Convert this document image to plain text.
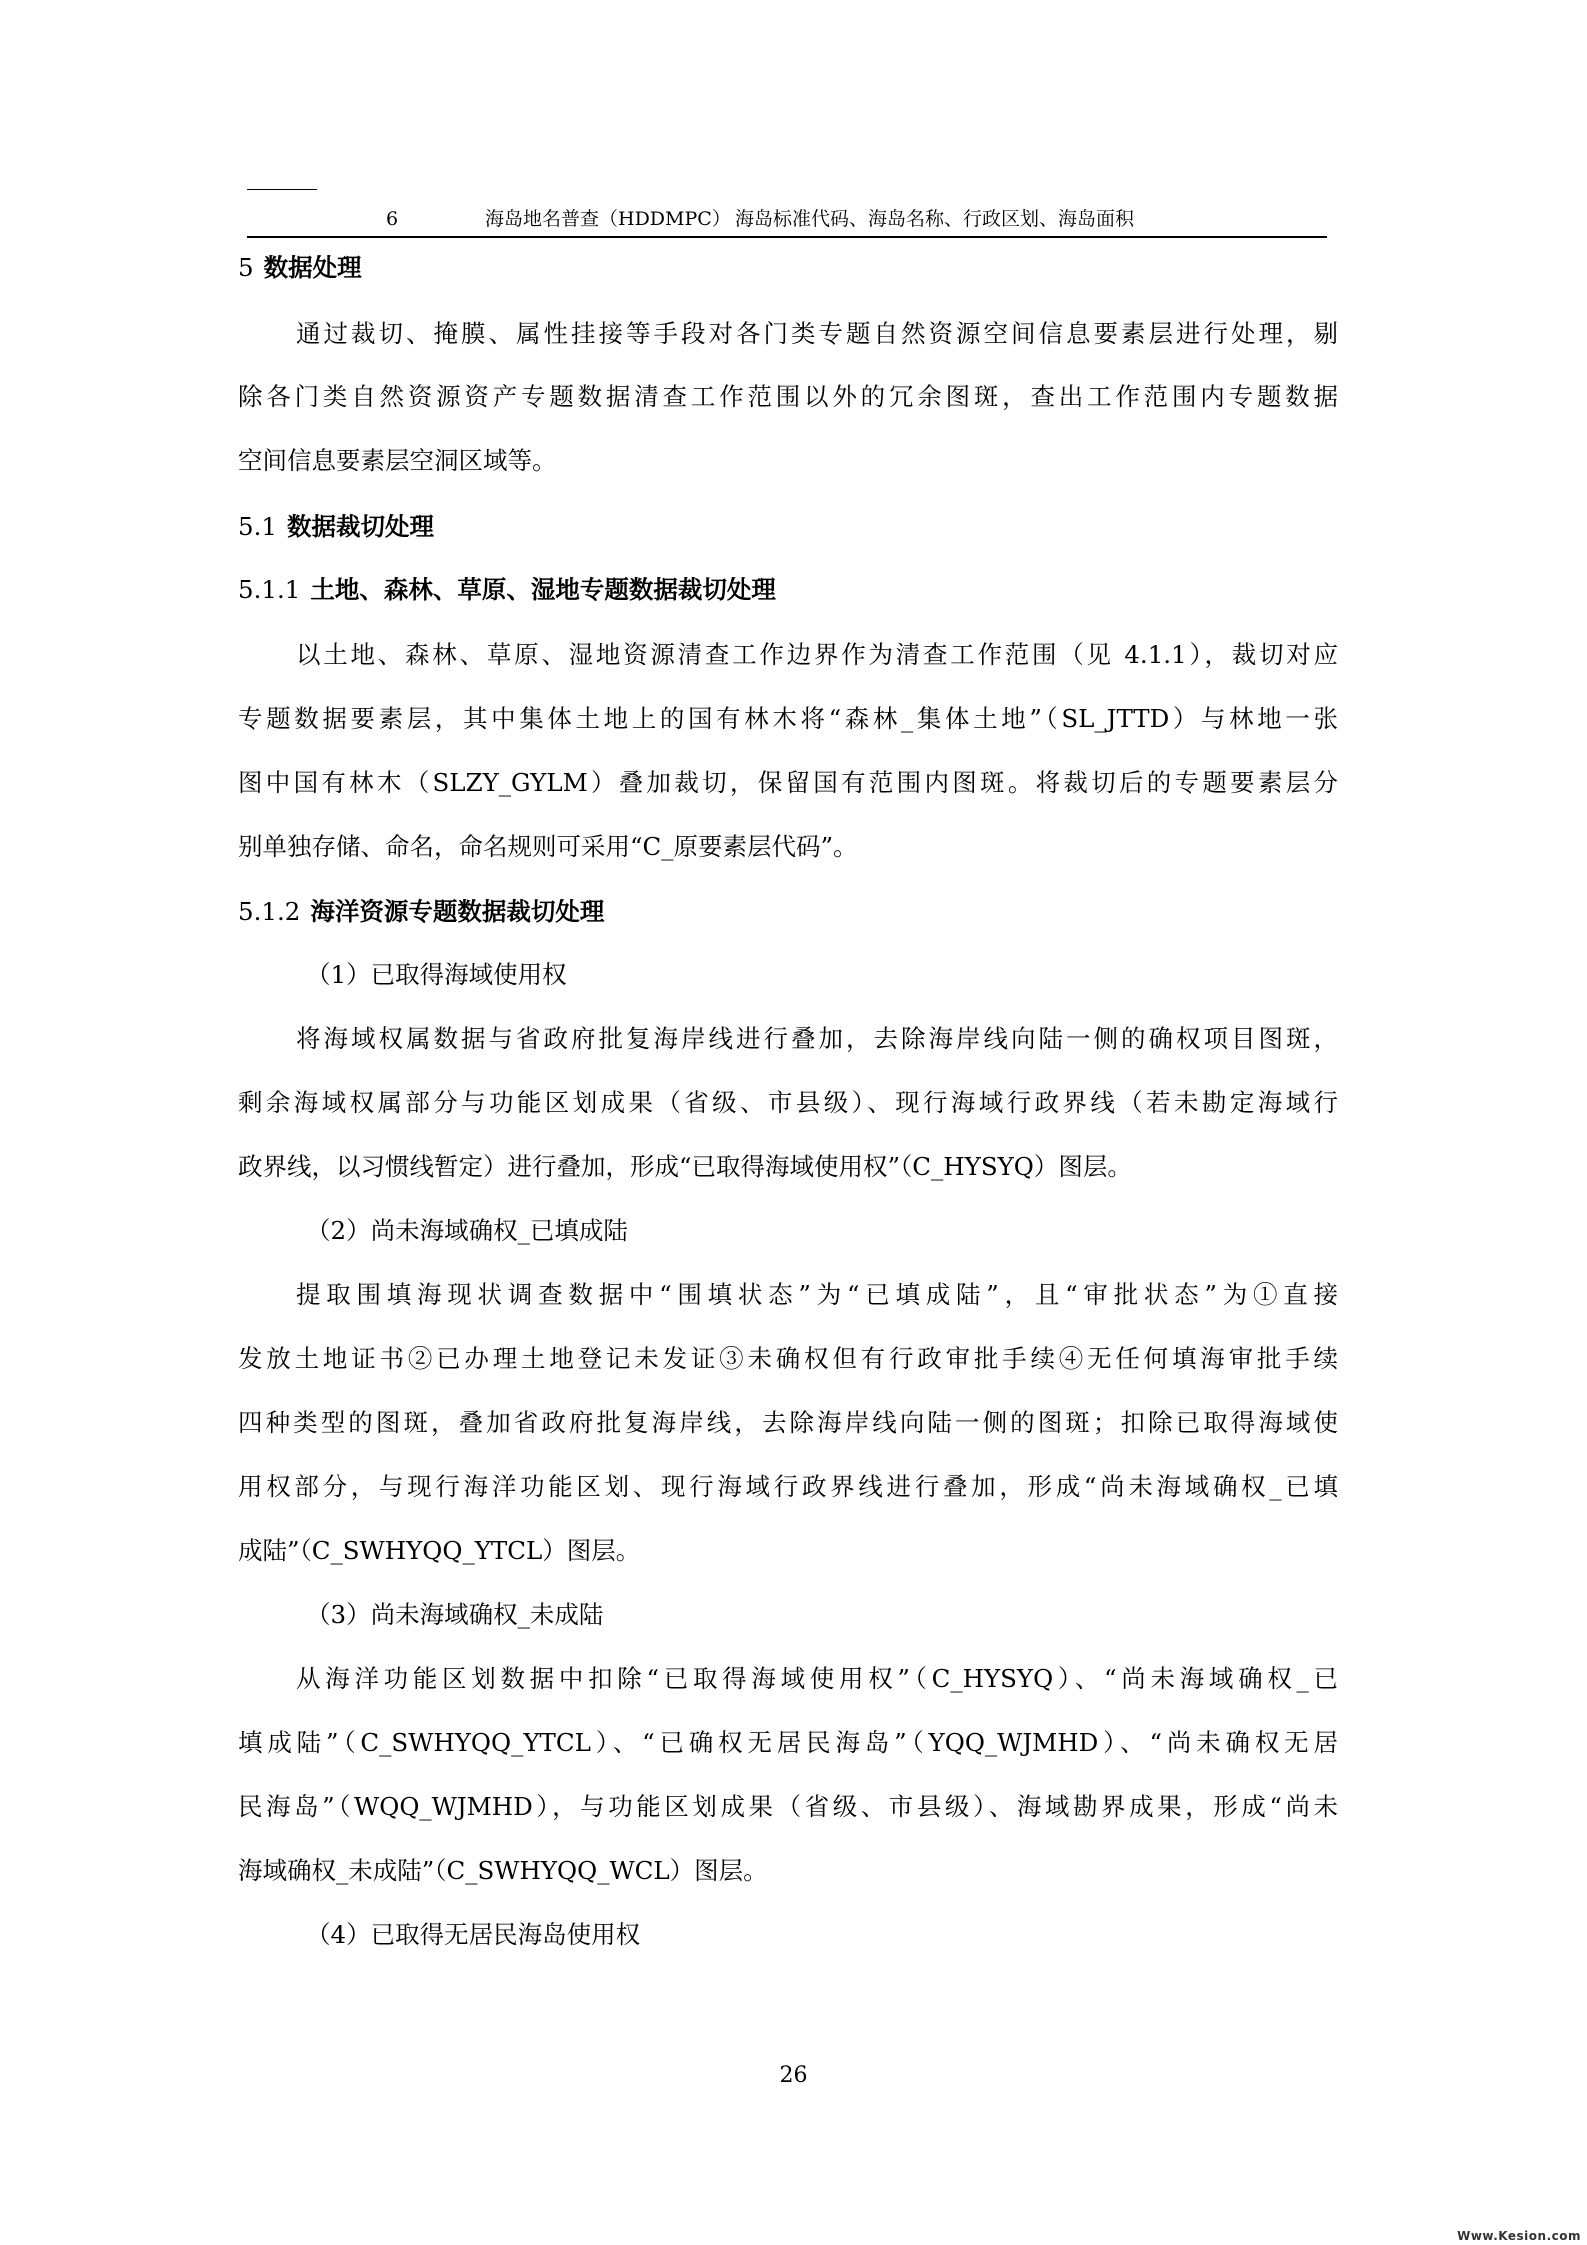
6	海岛地名普查（HDDMPC） 海岛标准代码、海岛名称、行政区划、海岛面积
5 数据处理
通过裁切、掩膜、属性挂接等手段对各门类专题自然资源空间信息要素层进行处理，剔
除各门类自然资源资产专题数据清查工作范围以外的冗余图斑，查出工作范围内专题数据
空间信息要素层空洞区域等。
5.1 数据裁切处理
5.1.1 土地、森林、草原、湿地专题数据裁切处理
以土地、森林、草原、湿地资源清查工作边界作为清查工作范围（见 4.1.1），裁切对应
专题数据要素层，其中集体土地上的国有林木将“森林_集体土地”（SL_JTTD）与林地一张
图中国有林木（SLZY_GYLM）叠加裁切，保留国有范围内图斑。将裁切后的专题要素层分
别单独存储、命名，命名规则可采用“C_原要素层代码”。
5.1.2 海洋资源专题数据裁切处理
（1）已取得海域使用权
将海域权属数据与省政府批复海岸线进行叠加，去除海岸线向陆一侧的确权项目图斑，
剩余海域权属部分与功能区划成果（省级、市县级）、现行海域行政界线（若未勘定海域行
政界线，以习惯线暂定）进行叠加，形成“已取得海域使用权”（C_HYSYQ）图层。
（2）尚未海域确权_已填成陆
提取围填海现状调查数据中“围填状态”为“已填成陆”，且“审批状态”为①直接
发放土地证书②已办理土地登记未发证③未确权但有行政审批手续④无任何填海审批手续
四种类型的图斑，叠加省政府批复海岸线，去除海岸线向陆一侧的图斑；扣除已取得海域使
用权部分，与现行海洋功能区划、现行海域行政界线进行叠加，形成“尚未海域确权_已填
成陆”（C_SWHYQQ_YTCL）图层。
（3）尚未海域确权_未成陆
从海洋功能区划数据中扣除“已取得海域使用权”（C_HYSYQ）、“尚未海域确权_已
填成陆”（C_SWHYQQ_YTCL）、“已确权无居民海岛”（YQQ_WJMHD）、“尚未确权无居
民海岛”（WQQ_WJMHD），与功能区划成果（省级、市县级）、海域勘界成果，形成“尚未
海域确权_未成陆”（C_SWHYQQ_WCL）图层。
（4）已取得无居民海岛使用权
26
Www.Kesion.com
